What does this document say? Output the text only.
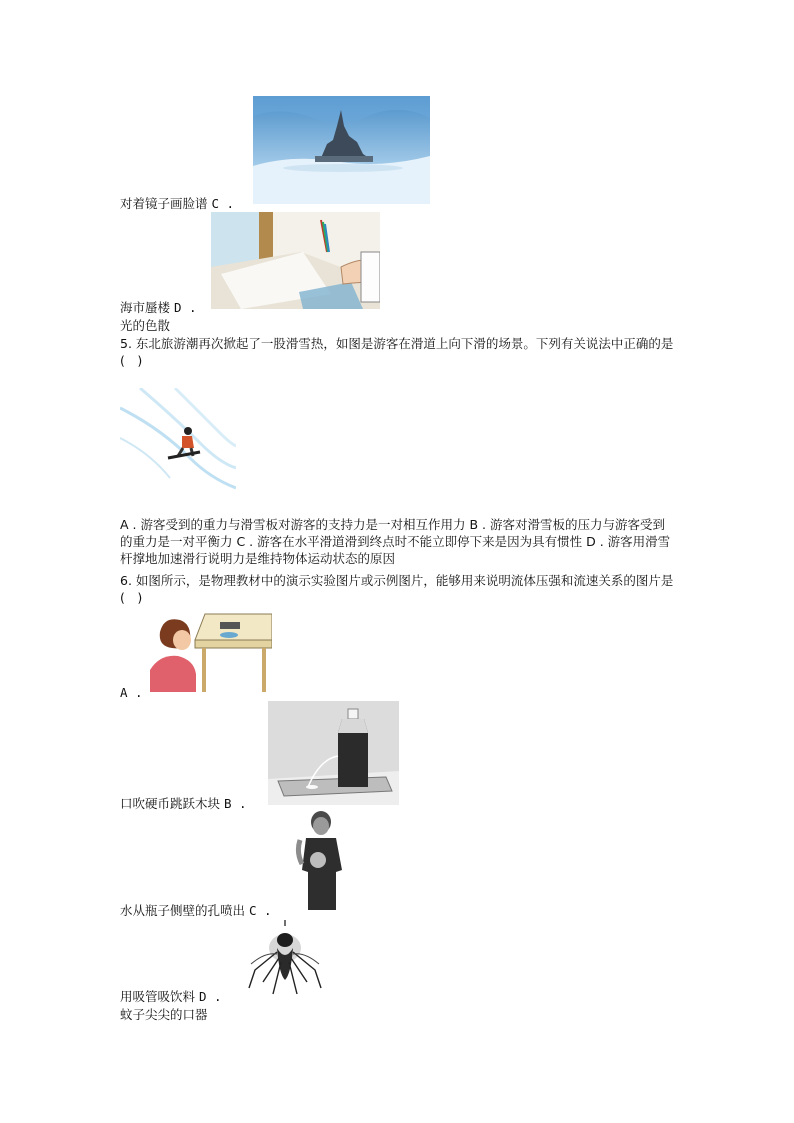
对着镜子画脸谱 C .
海市蜃楼 D .
光的色散
5. 东北旅游潮再次掀起了一股滑雪热，如图是游客在滑道上向下滑的场景。下列有关说法中正确的是(　)
A . 游客受到的重力与滑雪板对游客的支持力是一对相互作用力 B . 游客对滑雪板的压力与游客受到的重力是一对平衡力 C . 游客在水平滑道滑到终点时不能立即停下来是因为具有惯性 D . 游客用滑雪杆撑地加速滑行说明力是维持物体运动状态的原因
6. 如图所示，是物理教材中的演示实验图片或示例图片，能够用来说明流体压强和流速关系的图片是(　)
A .
口吹硬币跳跃木块 B .
水从瓶子侧壁的孔喷出 C .
用吸管吸饮料 D .
蚊子尖尖的口器
